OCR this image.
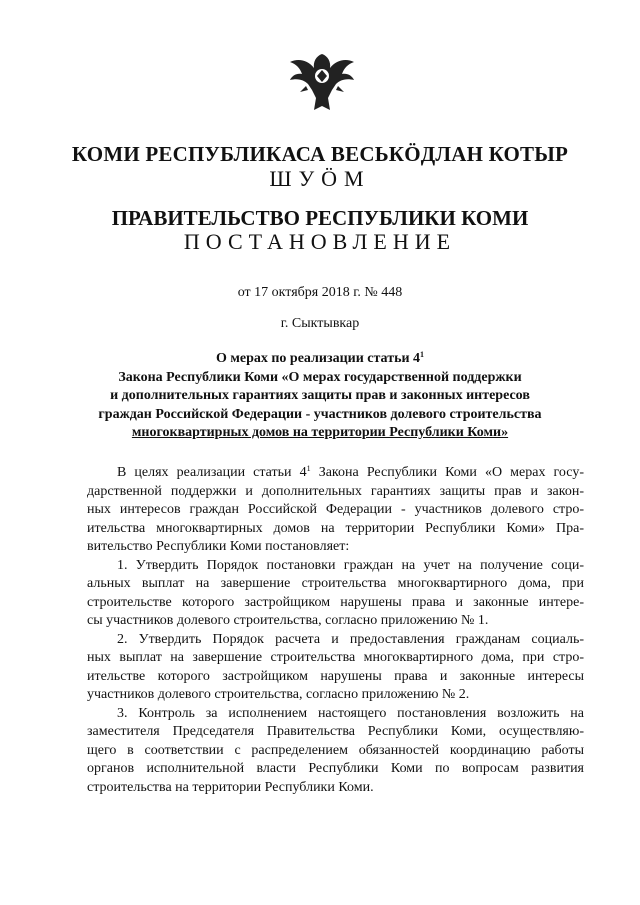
КОМИ РЕСПУБЛИКАСА ВЕСЬКӦДЛАН КОТЫР
ШУӦМ
ПРАВИТЕЛЬСТВО РЕСПУБЛИКИ КОМИ
ПОСТАНОВЛЕНИЕ
от 17 октября 2018 г. № 448
г. Сыктывкар
О мерах по реализации статьи $4^1$
Закона Республики Коми «О мерах государственной поддержки
и дополнительных гарантиях защиты прав и законных интересов
граждан Российской Федерации - участников долевого строительства
многоквартирных домов на территории Республики Коми»
В целях реализации статьи $4^1$ Закона Республики Коми «О мерах госу-
дарственной поддержки и дополнительных гарантиях защиты прав и закон-
ных интересов граждан Российской Федерации - участников долевого стро-
ительства многоквартирных домов на территории Республики Коми» Пра-
вительство Республики Коми постановляет:
1. Утвердить Порядок постановки граждан на учет на получение соци-
альных выплат на завершение строительства многоквартирного дома, при
строительстве которого застройщиком нарушены права и законные интере-
сы участников долевого строительства, согласно приложению № 1.
2. Утвердить Порядок расчета и предоставления гражданам социаль-
ных выплат на завершение строительства многоквартирного дома, при стро-
ительстве которого застройщиком нарушены права и законные интересы
участников долевого строительства, согласно приложению № 2.
3. Контроль за исполнением настоящего постановления возложить на
заместителя Председателя Правительства Республики Коми, осуществляю-
щего в соответствии с распределением обязанностей координацию работы
органов исполнительной власти Республики Коми по вопросам развития
строительства на территории Республики Коми.
